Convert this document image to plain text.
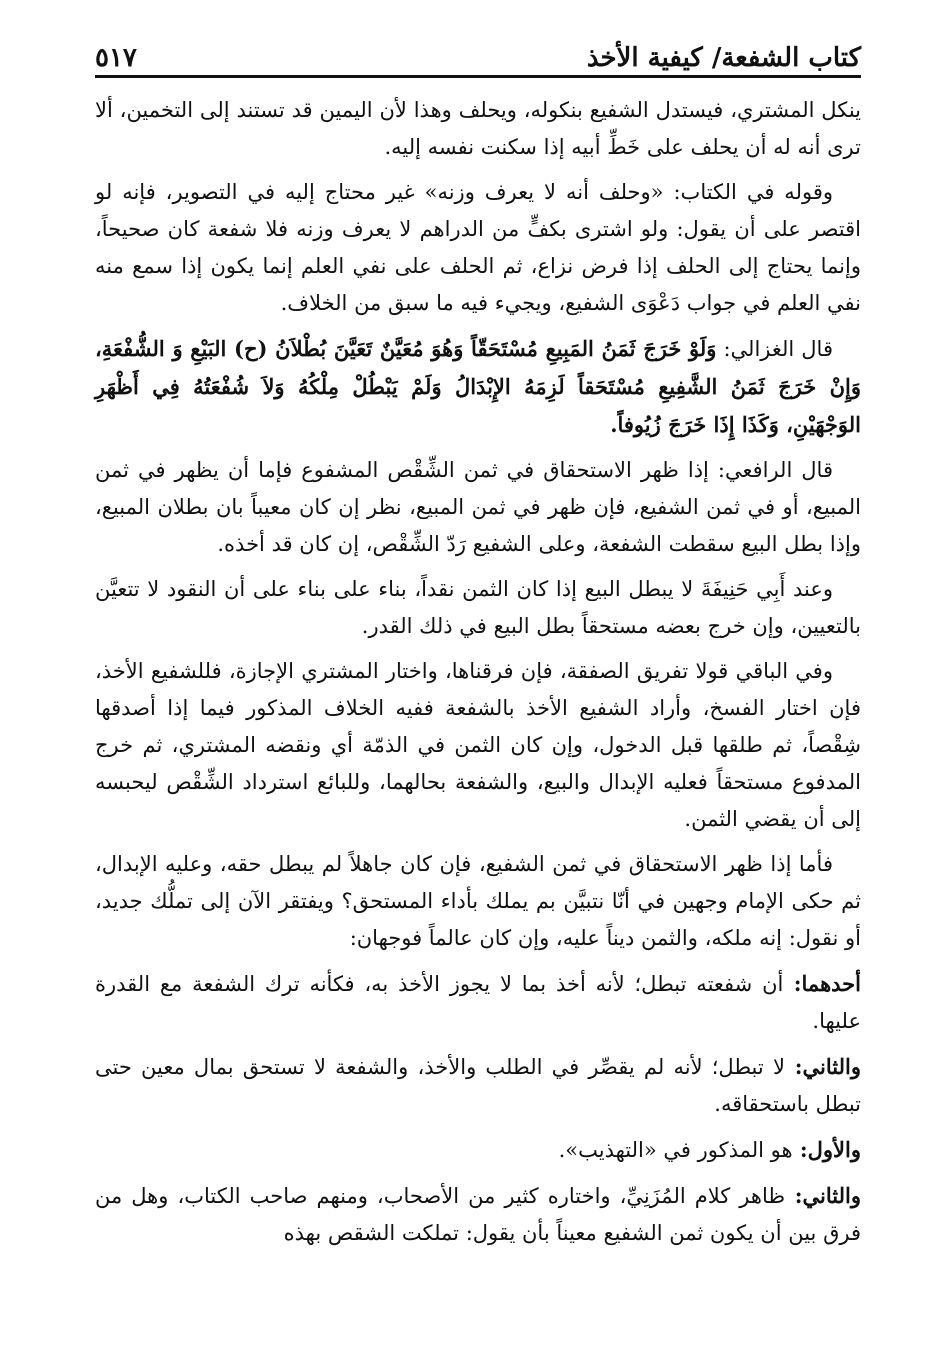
كتاب الشفعة/ كيفية الأخذ
٥١٧

ينكل المشتري، فيستدل الشفيع بنكوله، ويحلف وهذا لأن اليمين قد تستند إلى التخمين، ألا ترى أنه له أن يحلف على خَطِّ أبيه إذا سكنت نفسه إليه.

وقوله في الكتاب: «وحلف أنه لا يعرف وزنه» غير محتاج إليه في التصوير، فإنه لو اقتصر على أن يقول: ولو اشترى بكفٍّ من الدراهم لا يعرف وزنه فلا شفعة كان صحيحاً، وإنما يحتاج إلى الحلف إذا فرض نزاع، ثم الحلف على نفي العلم إنما يكون إذا سمع منه نفي العلم في جواب دَعْوَى الشفيع، ويجيء فيه ما سبق من الخلاف.

قال الغزالي: وَلَوْ خَرَجَ ثَمَنُ المَبِيعِ مُسْتَحَقّاً وَهُوَ مُعَيَّنٌ تَعَيَّنَ بُطْلاَنُ (ح) البَيْعِ وَ الشُّفْعَةِ، وَإِنْ خَرَجَ ثَمَنُ الشَّفِيعِ مُسْتَحَقاً لَزِمَهُ الإِبْدَالُ وَلَمْ يَبْطُلْ مِلْكُهُ وَلاَ شُفْعَتُهُ فِي أَظْهَرِ الوَجْهَيْنِ، وَكَذَا إِذَا خَرَجَ زُيُوفاً.

قال الرافعي: إذا ظهر الاستحقاق في ثمن الشِّقْص المشفوع فإما أن يظهر في ثمن المبيع، أو في ثمن الشفيع، فإن ظهر في ثمن المبيع، نظر إن كان معيباً بان بطلان المبيع، وإذا بطل البيع سقطت الشفعة، وعلى الشفيع رَدّ الشِّقْص، إن كان قد أخذه.

وعند أَبِي حَنِيفَةَ لا يبطل البيع إذا كان الثمن نقداً، بناء على بناء على أن النقود لا تتعيَّن بالتعيين، وإن خرج بعضه مستحقاً بطل البيع في ذلك القدر.

وفي الباقي قولا تفريق الصفقة، فإن فرقناها، واختار المشتري الإجازة، فللشفيع الأخذ، فإن اختار الفسخ، وأراد الشفيع الأخذ بالشفعة ففيه الخلاف المذكور فيما إذا أصدقها شِقْصاً، ثم طلقها قبل الدخول، وإن كان الثمن في الذمّة أي ونقضه المشتري، ثم خرج المدفوع مستحقاً فعليه الإبدال والبيع، والشفعة بحالهما، وللبائع استرداد الشِّقْص ليحبسه إلى أن يقضي الثمن.

فأما إذا ظهر الاستحقاق في ثمن الشفيع، فإن كان جاهلاً لم يبطل حقه، وعليه الإبدال، ثم حكى الإمام وجهين في أنّا نتبيَّن بم يملك بأداء المستحق؟ ويفتقر الآن إلى تملُّك جديد، أو نقول: إنه ملكه، والثمن ديناً عليه، وإن كان عالماً فوجهان:

أحدهما: أن شفعته تبطل؛ لأنه أخذ بما لا يجوز الأخذ به، فكأنه ترك الشفعة مع القدرة عليها.

والثاني: لا تبطل؛ لأنه لم يقصِّر في الطلب والأخذ، والشفعة لا تستحق بمال معين حتى تبطل باستحقاقه.

والأول: هو المذكور في «التهذيب».

والثاني: ظاهر كلام المُزَنِيِّ، واختاره كثير من الأصحاب، ومنهم صاحب الكتاب، وهل من فرق بين أن يكون ثمن الشفيع معيناً بأن يقول: تملكت الشقص بهذه
